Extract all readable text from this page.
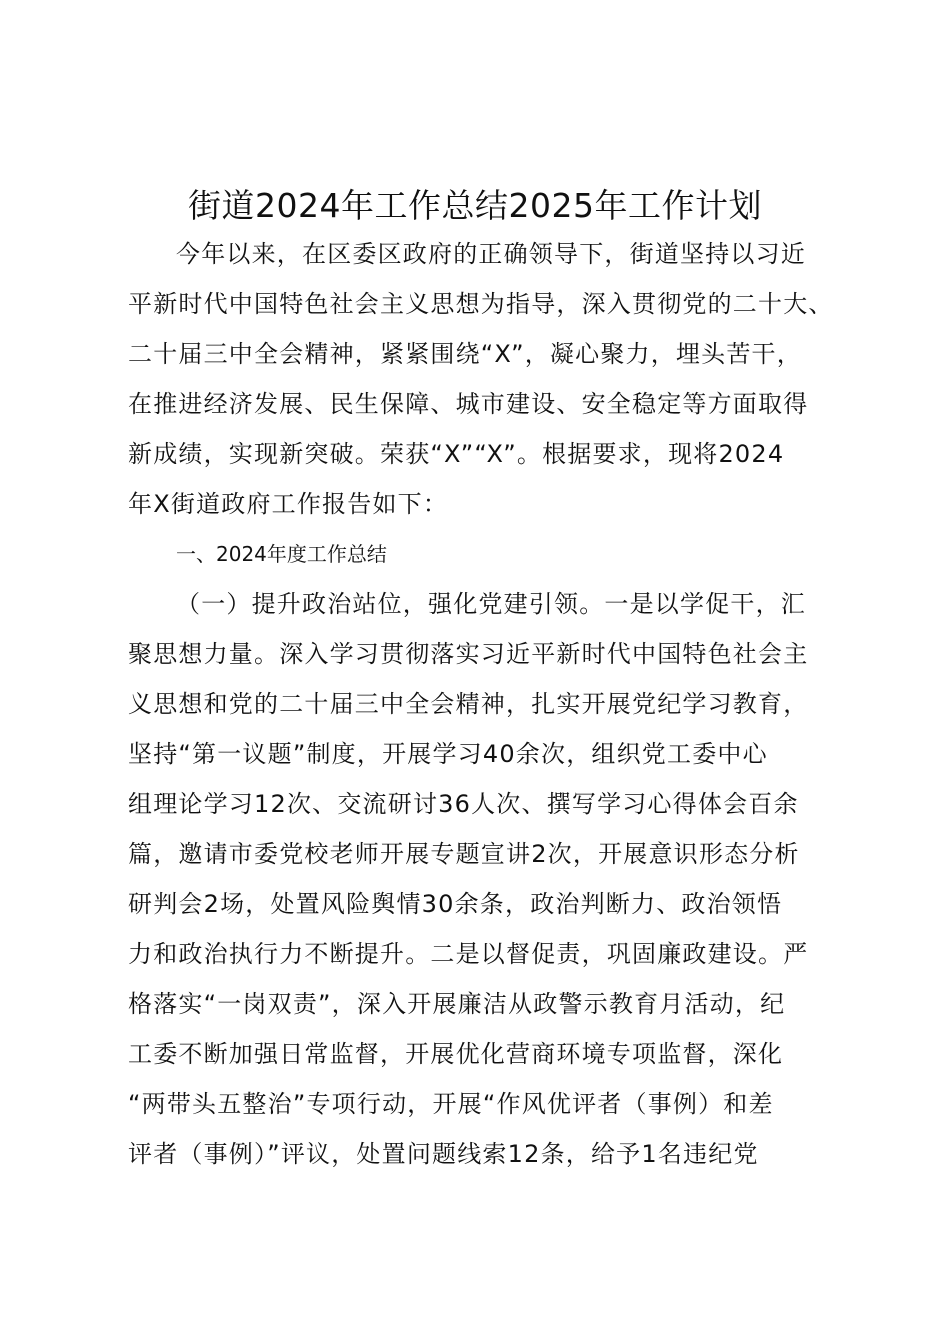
街道2024年工作总结2025年工作计划
今年以来，在区委区政府的正确领导下，街道坚持以习近
平新时代中国特色社会主义思想为指导，深入贯彻党的二十大、
二十届三中全会精神，紧紧围绕“X”，凝心聚力，埋头苦干，
在推进经济发展、民生保障、城市建设、安全稳定等方面取得
新成绩，实现新突破。荣获“X”“X”。根据要求，现将2024
年X街道政府工作报告如下：
一、2024年度工作总结
（一）提升政治站位，强化党建引领。一是以学促干，汇
聚思想力量。深入学习贯彻落实习近平新时代中国特色社会主
义思想和党的二十届三中全会精神，扎实开展党纪学习教育，
坚持“第一议题”制度，开展学习40余次，组织党工委中心
组理论学习12次、交流研讨36人次、撰写学习心得体会百余
篇，邀请市委党校老师开展专题宣讲2次，开展意识形态分析
研判会2场，处置风险舆情30余条，政治判断力、政治领悟
力和政治执行力不断提升。二是以督促责，巩固廉政建设。严
格落实“一岗双责”，深入开展廉洁从政警示教育月活动，纪
工委不断加强日常监督，开展优化营商环境专项监督，深化
“两带头五整治”专项行动，开展“作风优评者（事例）和差
评者（事例）”评议，处置问题线索12条，给予1名违纪党
